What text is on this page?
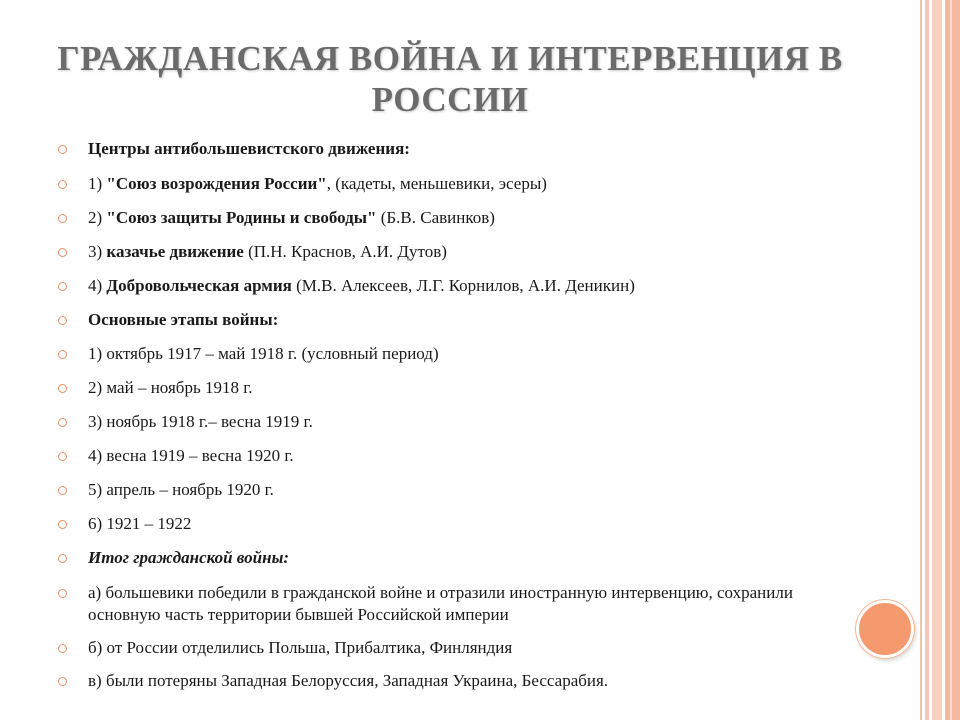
ГРАЖДАНСКАЯ ВОЙНА И ИНТЕРВЕНЦИЯ В РОССИИ
Центры антибольшевистского движения:
1) "Союз возрождения России", (кадеты, меньшевики, эсеры)
2) "Союз защиты Родины и свободы" (Б.В. Савинков)
3) казачье движение (П.Н. Краснов, А.И. Дутов)
4) Добровольческая армия (М.В. Алексеев, Л.Г. Корнилов, А.И. Деникин)
Основные этапы войны:
1) октябрь 1917 – май 1918 г. (условный период)
2) май – ноябрь 1918 г.
3) ноябрь 1918 г.– весна 1919 г.
4) весна 1919 – весна 1920 г.
5) апрель – ноябрь 1920 г.
6) 1921 – 1922
Итог гражданской войны:
а) большевики победили в гражданской войне и отразили иностранную интервенцию, сохранили основную часть территории бывшей Российской империи
б) от России отделились Польша, Прибалтика, Финляндия
в) были потеряны Западная Белоруссия, Западная Украина, Бессарабия.
